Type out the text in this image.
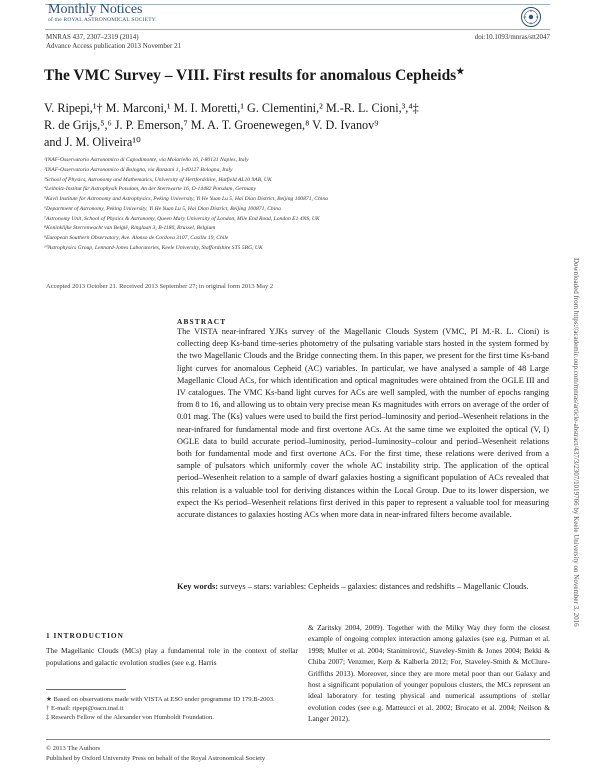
Monthly Notices
of the ROYAL ASTRONOMICAL SOCIETY
MNRAS 437, 2307–2319 (2014)
Advance Access publication 2013 November 21
doi:10.1093/mnras/stt2047
The VMC Survey – VIII. First results for anomalous Cepheids★
V. Ripepi,¹† M. Marconi,¹ M. I. Moretti,¹ G. Clementini,² M.-R. L. Cioni,³,⁴‡
R. de Grijs,⁵,⁶ J. P. Emerson,⁷ M. A. T. Groenewegen,⁸ V. D. Ivanov⁹
and J. M. Oliveira¹⁰
¹INAF-Osservatorio Astronomico di Capodimonte, via Moiariello 16, I-80131 Naples, Italy
²INAF-Osservatorio Astronomico di Bologna, via Ranzani 1, I-40127 Bologna, Italy
³School of Physics, Astronomy and Mathematics, University of Hertfordshire, Hatfield AL10 9AB, UK
⁴Leibnitz-Institut für Astrophysik Potsdam, An der Sternwarte 16, D-14482 Potsdam, Germany
⁵Kavli Institute for Astronomy and Astrophysics, Peking University, Yi He Yuan Lu 5, Hai Dian District, Beijing 100871, China
⁶Department of Astronomy, Peking University, Yi He Yuan Lu 5, Hai Dian District, Beijing 100871, China
⁷Astronomy Unit, School of Physics & Astronomy, Queen Mary University of London, Mile End Road, London E1 4NS, UK
⁸Koninklijke Sterrenwacht van België, Ringlaan 3, B-1180, Brussel, Belgium
⁹European Southern Observatory, Ave. Alonso de Cordova 3107, Casilla 19, Chile
¹⁰Astrophysics Group, Lennard-Jones Laboratories, Keele University, Staffordshire ST5 5BG, UK
Accepted 2013 October 21. Received 2013 September 27; in original form 2013 May 2
ABSTRACT
The VISTA near-infrared YJKs survey of the Magellanic Clouds System (VMC, PI M.-R. L. Cioni) is collecting deep Ks-band time-series photometry of the pulsating variable stars hosted in the system formed by the two Magellanic Clouds and the Bridge connecting them. In this paper, we present for the first time Ks-band light curves for anomalous Cepheid (AC) variables. In particular, we have analysed a sample of 48 Large Magellanic Cloud ACs, for which identification and optical magnitudes were obtained from the OGLE III and IV catalogues. The VMC Ks-band light curves for ACs are well sampled, with the number of epochs ranging from 8 to 16, and allowing us to obtain very precise mean Ks magnitudes with errors on average of the order of 0.01 mag. The ⟨Ks⟩ values were used to build the first period–luminosity and period–Wesenheit relations in the near-infrared for fundamental mode and first overtone ACs. At the same time we exploited the optical (V, I) OGLE data to build accurate period–luminosity, period–luminosity–colour and period–Wesenheit relations both for fundamental mode and first overtone ACs. For the first time, these relations were derived from a sample of pulsators which uniformly cover the whole AC instability strip. The application of the optical period–Wesenheit relation to a sample of dwarf galaxies hosting a significant population of ACs revealed that this relation is a valuable tool for deriving distances within the Local Group. Due to its lower dispersion, we expect the Ks period–Wesenheit relations first derived in this paper to represent a valuable tool for measuring accurate distances to galaxies hosting ACs when more data in near-infrared filters become available.
Key words: surveys – stars: variables: Cepheids – galaxies: distances and redshifts – Magellanic Clouds.
1 INTRODUCTION
The Magellanic Clouds (MCs) play a fundamental role in the context of stellar populations and galactic evolution studies (see e.g. Harris
& Zaritsky 2004, 2009). Together with the Milky Way they form the closest example of ongoing complex interaction among galaxies (see e.g. Putman et al. 1998; Muller et al. 2004; Stanimirović, Staveley-Smith & Jones 2004; Bekki & Chiba 2007; Venzmer, Kerp & Kalberla 2012; For, Staveley-Smith & McClure-Griffiths 2013). Moreover, since they are more metal poor than our Galaxy and host a significant population of younger populous clusters, the MCs represent an ideal laboratory for testing physical and numerical assumptions of stellar evolution codes (see e.g. Matteucci et al. 2002; Brocato et al. 2004; Neilson & Langer 2012).
★ Based on observations made with VISTA at ESO under programme ID 179.B-2003.
† E-mail: ripepi@oacn.inaf.it
‡ Research Fellow of the Alexander von Humboldt Foundation.
© 2013 The Authors
Published by Oxford University Press on behalf of the Royal Astronomical Society
Downloaded from https://academic.oup.com/mnras/article-abstract/437/3/2307/1019766 by Keele University on November 3, 2016
